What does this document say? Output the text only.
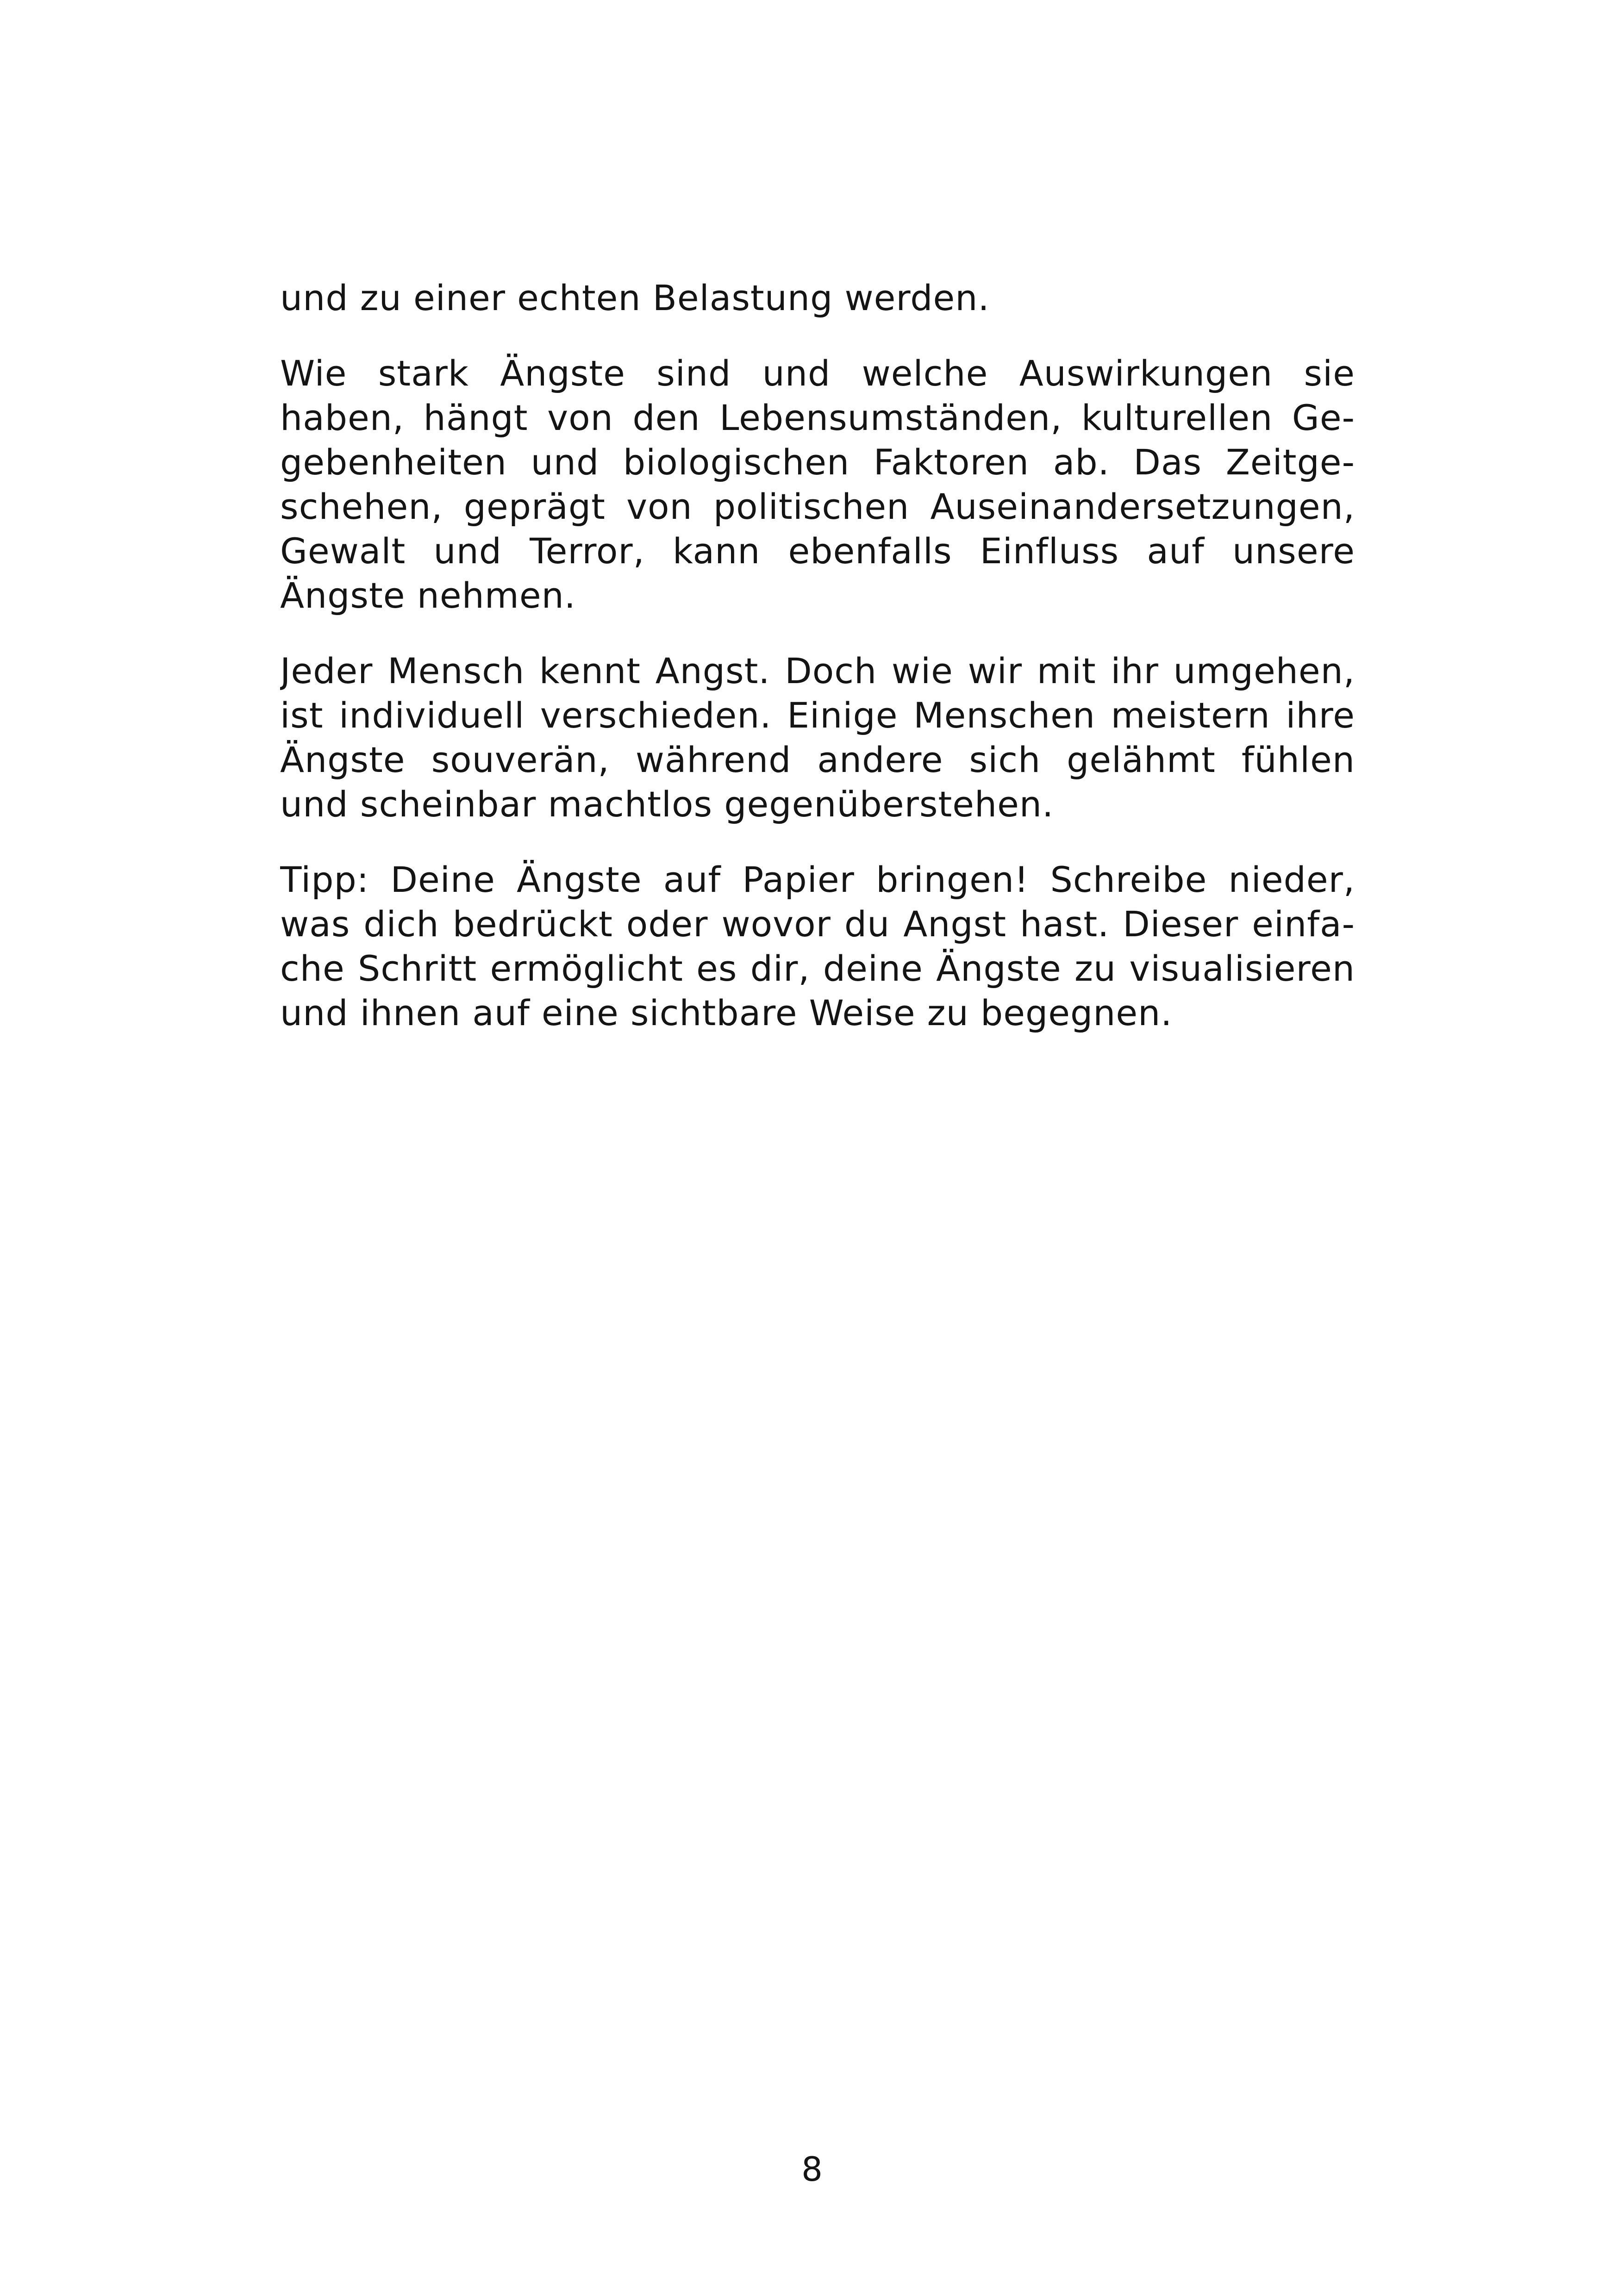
und zu einer echten Belastung werden.

Wie stark Ängste sind und welche Auswirkungen sie
haben, hängt von den Lebensumständen, kulturellen Ge-
gebenheiten und biologischen Faktoren ab. Das Zeitge-
schehen, geprägt von politischen Auseinandersetzungen,
Gewalt und Terror, kann ebenfalls Einfluss auf unsere
Ängste nehmen.

Jeder Mensch kennt Angst. Doch wie wir mit ihr umgehen,
ist individuell verschieden. Einige Menschen meistern ihre
Ängste souverän, während andere sich gelähmt fühlen
und scheinbar machtlos gegenüberstehen.

Tipp: Deine Ängste auf Papier bringen! Schreibe nieder,
was dich bedrückt oder wovor du Angst hast. Dieser einfa-
che Schritt ermöglicht es dir, deine Ängste zu visualisieren
und ihnen auf eine sichtbare Weise zu begegnen.

8
